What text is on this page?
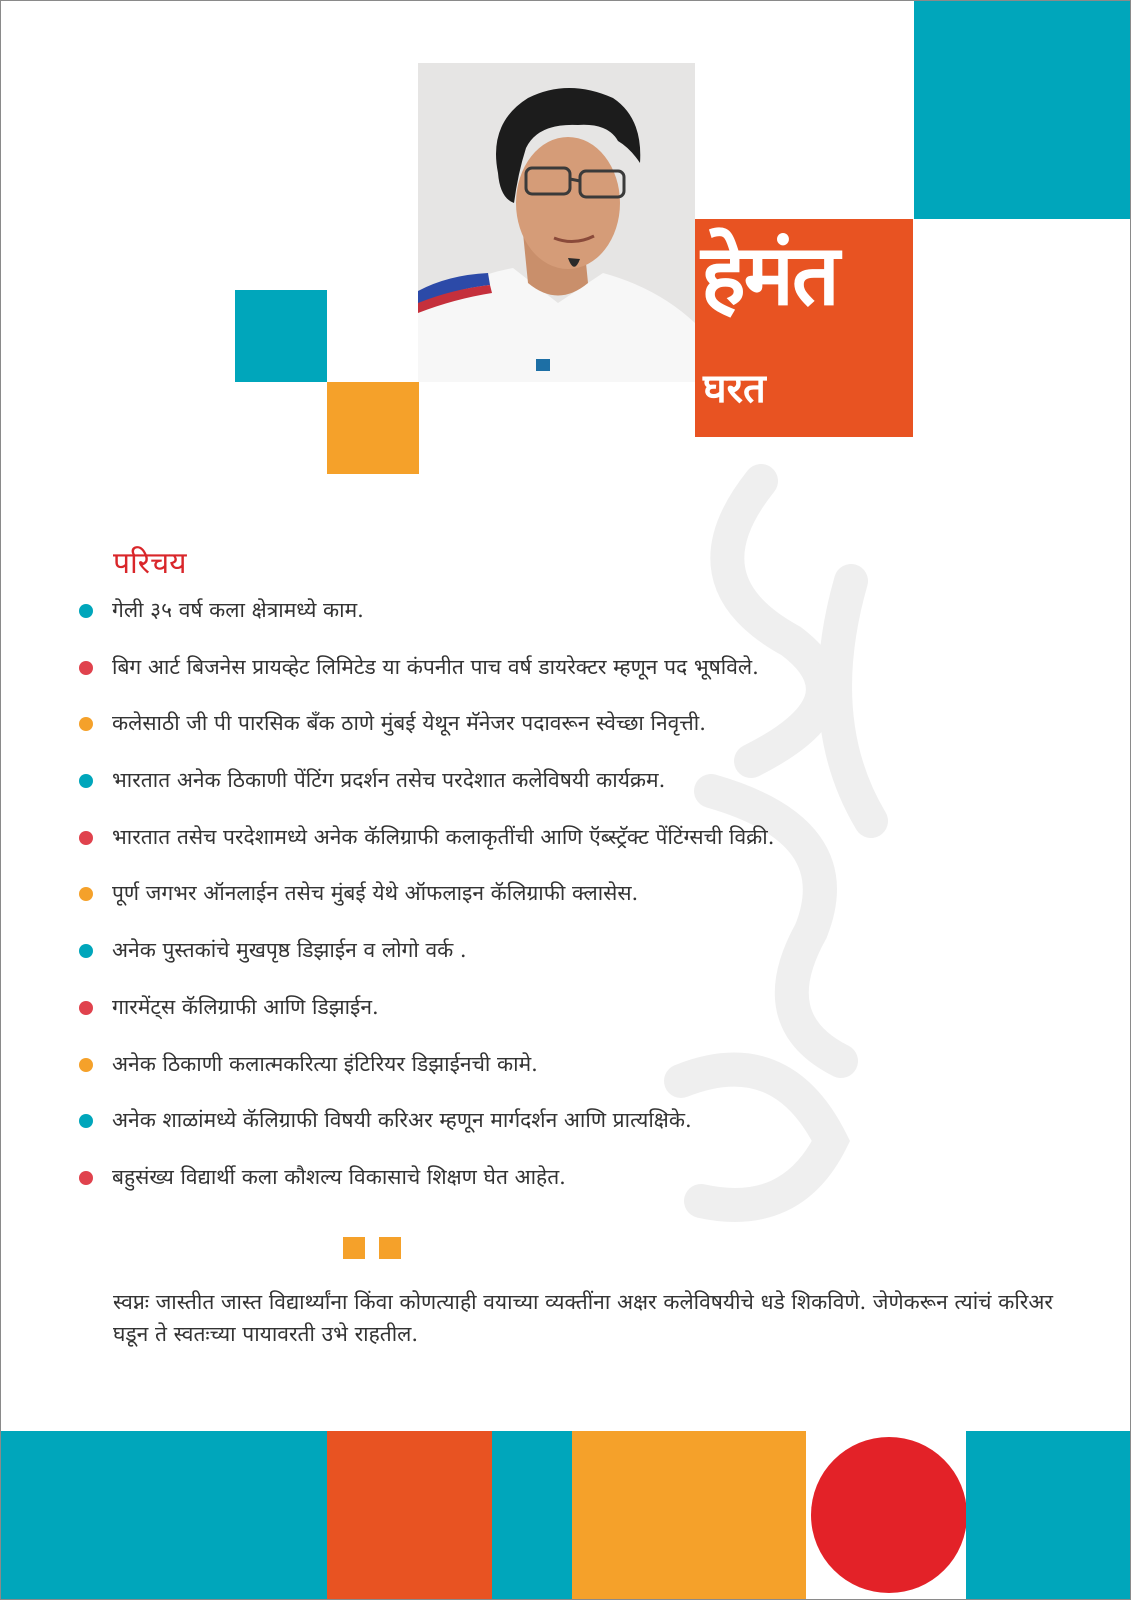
हेमंत
घरत
परिचय
गेली ३५ वर्ष कला क्षेत्रामध्ये काम.
बिग आर्ट बिजनेस प्रायव्हेट लिमिटेड या कंपनीत पाच वर्ष डायरेक्टर म्हणून पद भूषविले.
कलेसाठी जी पी पारसिक बँक ठाणे मुंबई येथून मॅनेजर पदावरून स्वेच्छा निवृत्ती.
भारतात अनेक ठिकाणी पेंटिंग प्रदर्शन तसेच परदेशात कलेविषयी कार्यक्रम.
भारतात तसेच परदेशामध्ये अनेक कॅलिग्राफी कलाकृतींची आणि ऍब्स्ट्रॅक्ट पेंटिंग्सची विक्री.
पूर्ण जगभर ऑनलाईन तसेच मुंबई येथे ऑफलाइन कॅलिग्राफी क्लासेस.
अनेक पुस्तकांचे मुखपृष्ठ डिझाईन व लोगो वर्क .
गारमेंट्स कॅलिग्राफी आणि डिझाईन.
अनेक ठिकाणी कलात्मकरित्या इंटिरियर डिझाईनची कामे.
अनेक शाळांमध्ये कॅलिग्राफी विषयी करिअर म्हणून मार्गदर्शन आणि प्रात्यक्षिके.
बहुसंख्य विद्यार्थी कला कौशल्य विकासाचे शिक्षण घेत आहेत.
स्वप्नः जास्तीत जास्त विद्यार्थ्यांना किंवा कोणत्याही वयाच्या व्यक्तींना अक्षर कलेविषयीचे धडे शिकविणे. जेणेकरून त्यांचं करिअर घडून ते स्वतःच्या पायावरती उभे राहतील.
